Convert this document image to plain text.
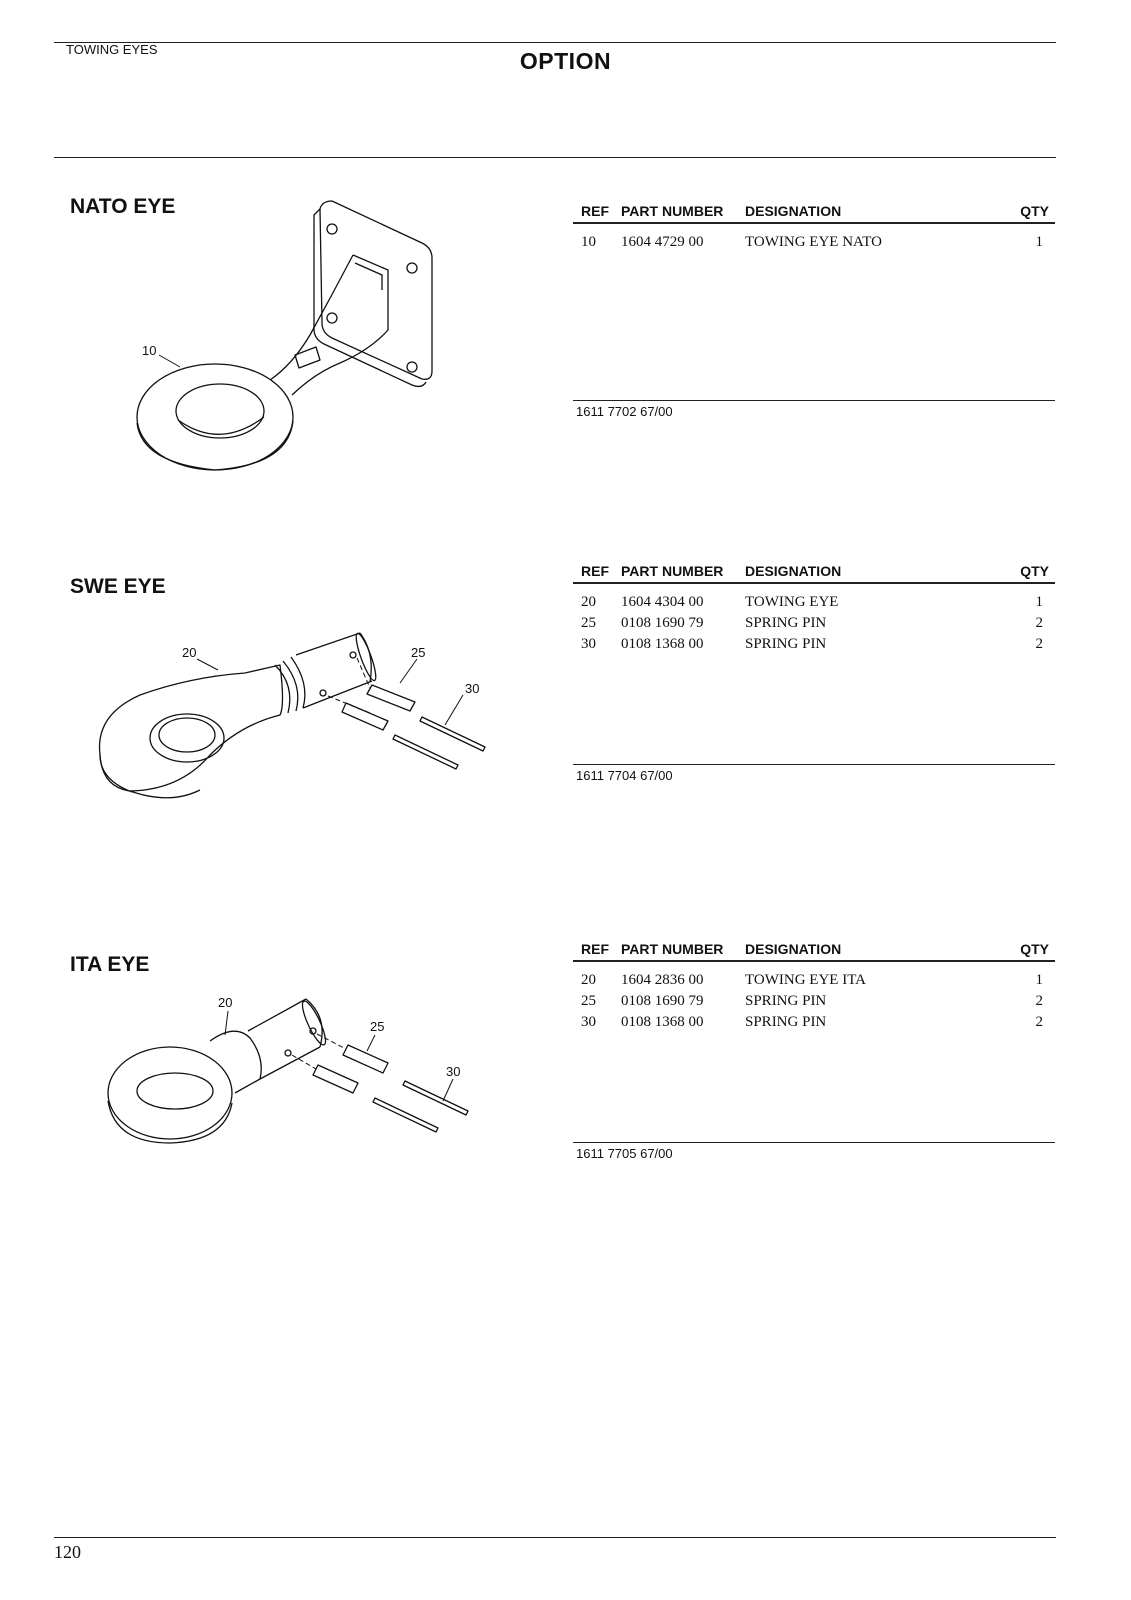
TOWING EYES	OPTION
NATO EYE
10
REF PART NUMBER DESIGNATION	QTY
10 1604 4729 00	TOWING EYE NATO	1
1611 7702 67/00
SWE EYE
20	25
30
REF PART NUMBER DESIGNATION	QTY
20 1604 4304 00	TOWING EYE	1
25 0108 1690 79	SPRING PIN	2
30 0108 1368 00	SPRING PIN	2
1611 7704 67/00
ITA EYE
20
25
30
REF PART NUMBER DESIGNATION	QTY
20 1604 2836 00	TOWING EYE ITA	1
25 0108 1690 79	SPRING PIN	2
30 0108 1368 00	SPRING PIN	2
1611 7705 67/00
120
